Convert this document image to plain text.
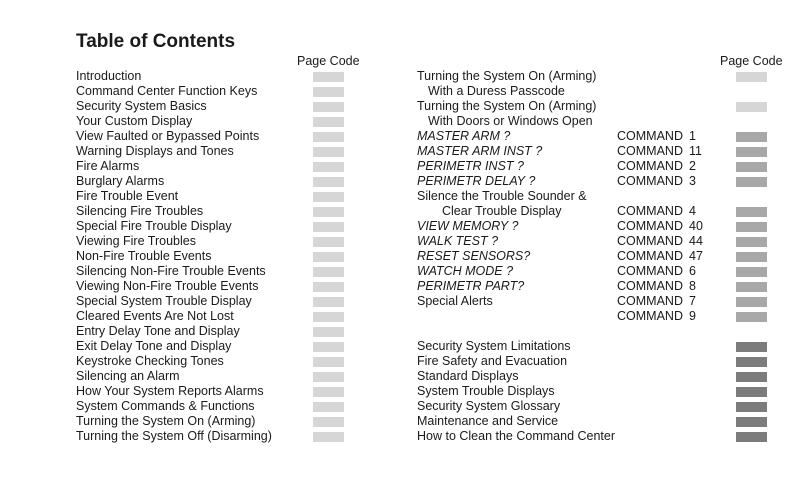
Table of Contents
Page Code	Page Code
Introduction
Command Center Function Keys
Security System Basics
Your Custom Display
View Faulted or Bypassed Points
Warning Displays and Tones
Fire Alarms
Burglary Alarms
Fire Trouble Event
Silencing Fire Troubles
Special Fire Trouble Display
Viewing Fire Troubles
Non-Fire Trouble Events
Silencing Non-Fire Trouble Events
Viewing Non-Fire Trouble Events
Special System Trouble Display
Cleared Events Are Not Lost
Entry Delay Tone and Display
Exit Delay Tone and Display
Keystroke Checking Tones
Silencing an Alarm
How Your System Reports Alarms
System Commands & Functions
Turning the System On (Arming)
Turning the System Off (Disarming)
Turning the System On (Arming)
With a Duress Passcode
Turning the System On (Arming)
With Doors or Windows Open
MASTER ARM ?	COMMAND 1
MASTER ARM INST ?	COMMAND 11
PERIMETR INST ?	COMMAND 2
PERIMETR DELAY ?	COMMAND 3
Silence the Trouble Sounder &
Clear Trouble Display	COMMAND 4
VIEW MEMORY ?	COMMAND 40
WALK TEST ?	COMMAND 44
RESET SENSORS?	COMMAND 47
WATCH MODE ?	COMMAND 6
PERIMETR PART?	COMMAND 8
Special Alerts	COMMAND 7
COMMAND 9
Security System Limitations
Fire Safety and Evacuation
Standard Displays
System Trouble Displays
Security System Glossary
Maintenance and Service
How to Clean the Command Center
